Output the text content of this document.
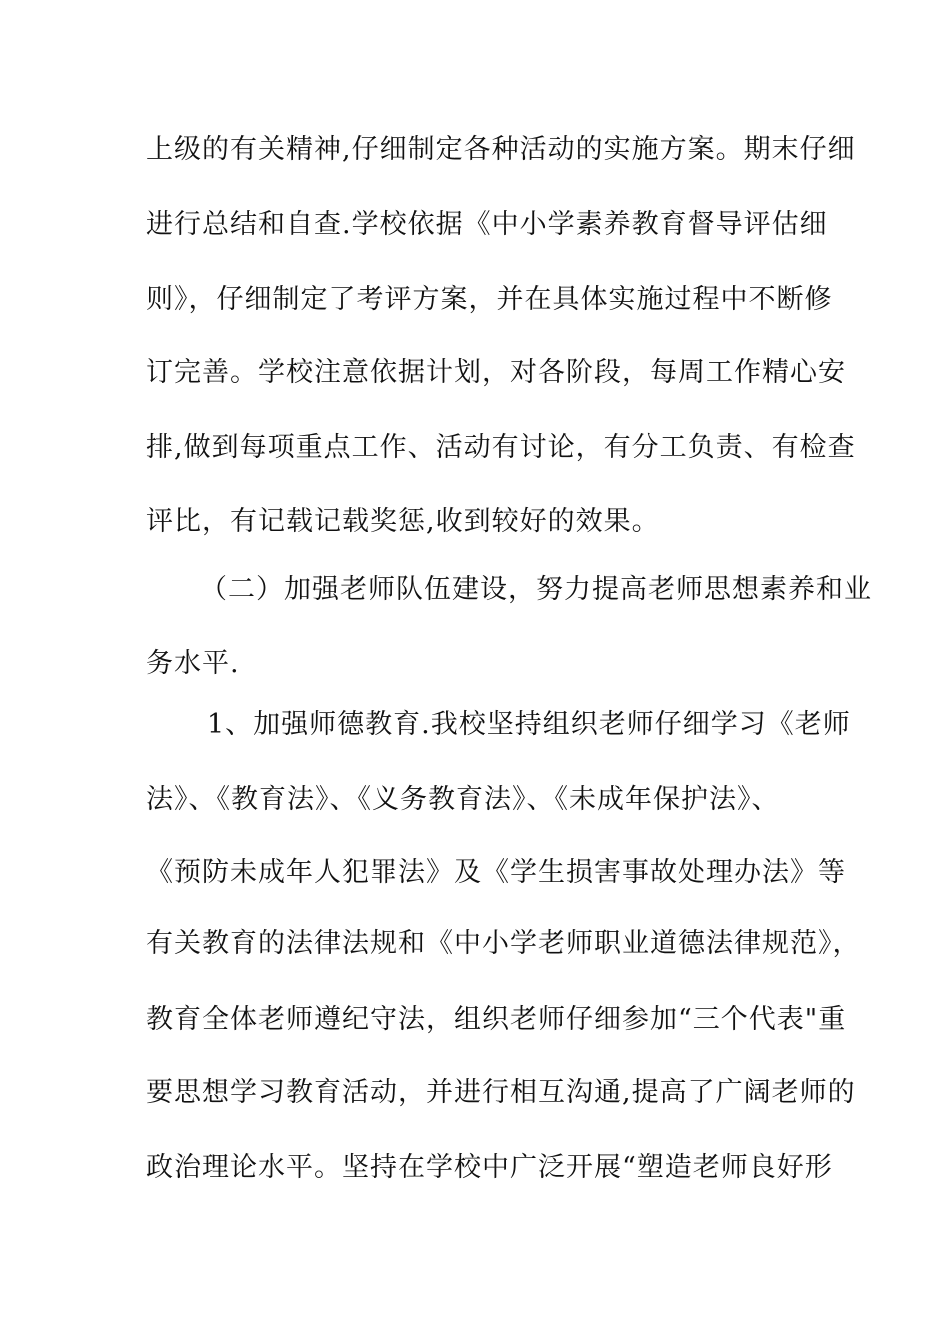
上级的有关精神,仔细制定各种活动的实施方案。期末仔细
进行总结和自查.学校依据《中小学素养教育督导评估细
则》，仔细制定了考评方案，并在具体实施过程中不断修
订完善。学校注意依据计划，对各阶段，每周工作精心安
排,做到每项重点工作、活动有讨论，有分工负责、有检查
评比，有记载记载奖惩,收到较好的效果。
（二）加强老师队伍建设，努力提高老师思想素养和业
务水平.
1、加强师德教育.我校坚持组织老师仔细学习《老师
法》、《教育法》、《义务教育法》、《未成年保护法》、
《预防未成年人犯罪法》及《学生损害事故处理办法》等
有关教育的法律法规和《中小学老师职业道德法律规范》，
教育全体老师遵纪守法，组织老师仔细参加“三个代表"重
要思想学习教育活动，并进行相互沟通,提高了广阔老师的
政治理论水平。坚持在学校中广泛开展“塑造老师良好形
